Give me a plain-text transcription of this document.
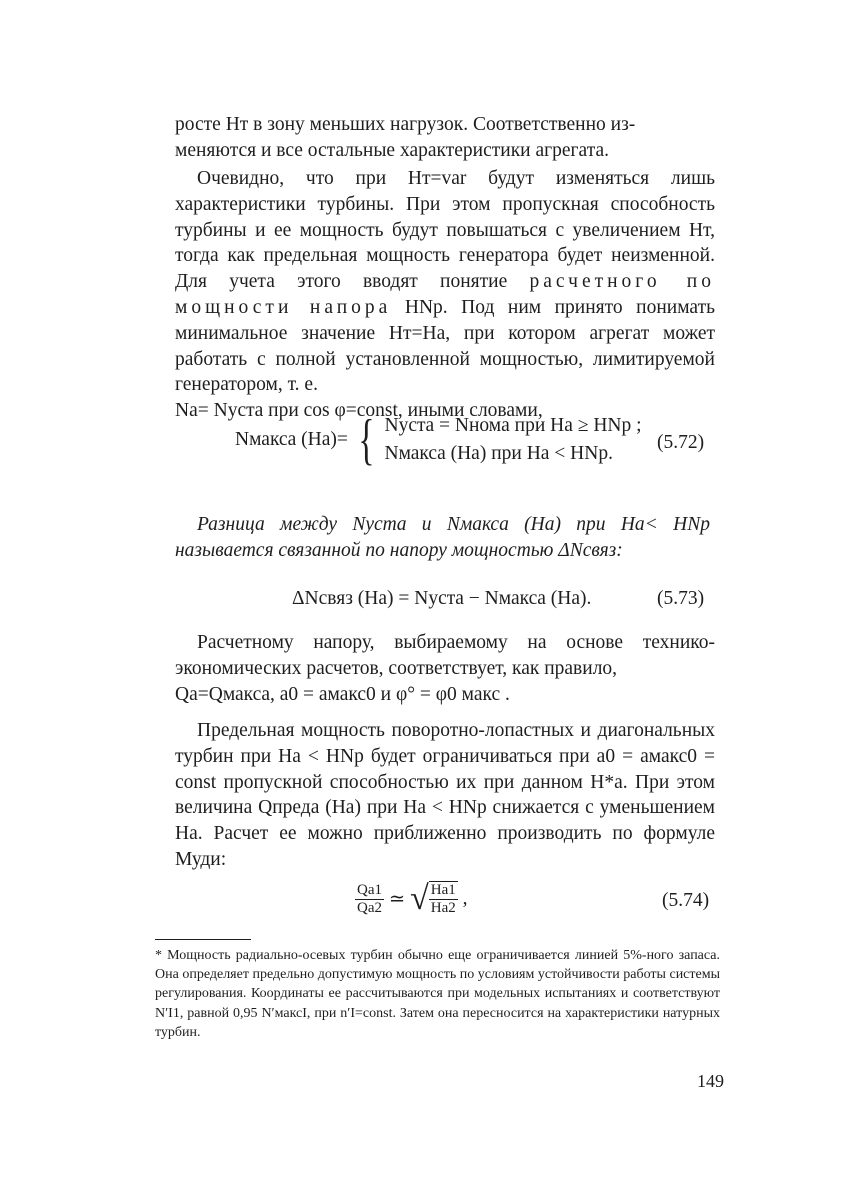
росте Hт в зону меньших нагрузок. Соответственно из-

меняются и все остальные характеристики агрегата.

Очевидно, что при Hт=var будут изменяться лишь характеристики турбины. При этом пропускная способность турбины и ее мощность будут повышаться с увеличением Hт, тогда как предельная мощность генератора будет неизменной. Для учета этого вводят понятие расчетного по мощности напора HNр. Под ним принято понимать минимальное значение Hт=Hа, при котором агрегат может работать с полной установленной мощностью, лимитируемой генератором, т. е.

Nа= Nустa при cos φ=const, иными словами,

Nмаксa (Hа)= { Nустa = Nномa при Hа ≥ HNр ;
Nмаксa (Hа) при Hа < HNр.
(5.72)

Разница между Nустa и Nмаксa (Hа) при Hа< HNр называется связанной по напору мощностью ΔNсвяз:

ΔNсвяз (Hа) = Nустa − Nмаксa (Hа).	(5.73)

Расчетному напору, выбираемому на основе технико-экономических расчетов, соответствует, как правило,

Qа=Qмаксa, a0 = aмакс0 и φ° = φ0 макс .

Предельная мощность поворотно-лопастных и диагональных турбин при Hа < HNр будет ограничиваться при a0 = aмакс0 = const пропускной способностью их при данном H*а. При этом величина Qпредa (Hа) при Hа < HNр снижается с уменьшением Hа. Расчет ее можно приближенно производить по формуле Муди:

$\frac{Qа1}{Qа2}$ ≃ √ $\frac{Hа1}{Hа2}$ ,	(5.74)

* Мощность радиально-осевых турбин обычно еще ограничивается линией 5%-ного запаса. Она определяет предельно допустимую мощность по условиям устойчивости работы системы регулирования. Координаты ее рассчитываются при модельных испытаниях и соответствуют N′I1, равной 0,95 N′максI, при n′I=const. Затем она пересносится на характеристики натурных турбин.

149
